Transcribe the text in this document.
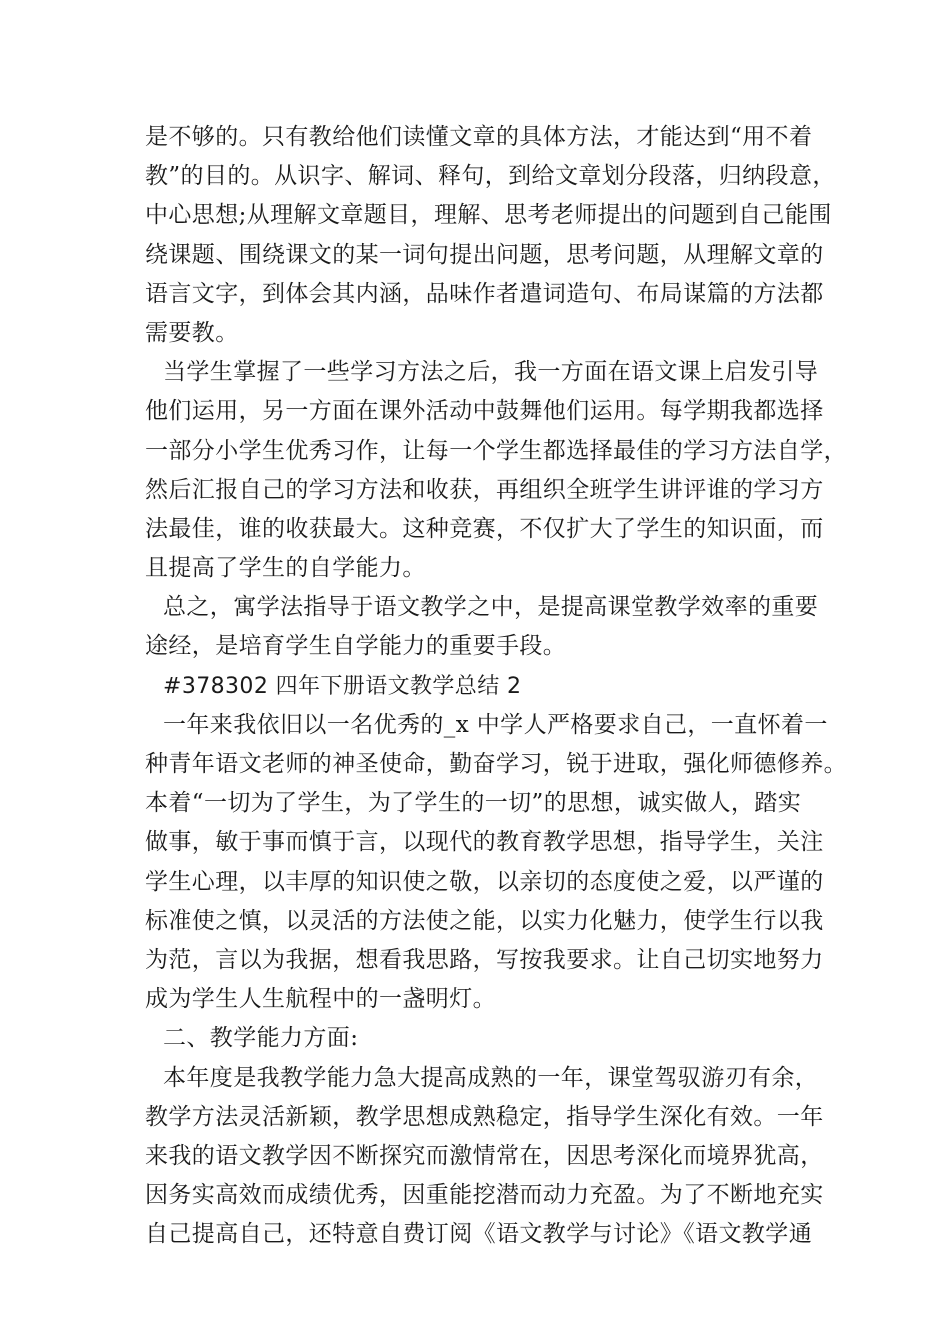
是不够的。只有教给他们读懂文章的具体方法，才能达到“用不着
教”的目的。从识字、解词、释句，到给文章划分段落，归纳段意，
中心思想;从理解文章题目，理解、思考老师提出的问题到自己能围
绕课题、围绕课文的某一词句提出问题，思考问题，从理解文章的
语言文字，到体会其内涵，品味作者遣词造句、布局谋篇的方法都
需要教。
当学生掌握了一些学习方法之后，我一方面在语文课上启发引导
他们运用，另一方面在课外活动中鼓舞他们运用。每学期我都选择
一部分小学生优秀习作，让每一个学生都选择最佳的学习方法自学，
然后汇报自己的学习方法和收获，再组织全班学生讲评谁的学习方
法最佳，谁的收获最大。这种竞赛，不仅扩大了学生的知识面，而
且提高了学生的自学能力。
总之，寓学法指导于语文教学之中，是提高课堂教学效率的重要
途经，是培育学生自学能力的重要手段。
#378302 四年下册语文教学总结 2
一年来我依旧以一名优秀的_x 中学人严格要求自己，一直怀着一
种青年语文老师的神圣使命，勤奋学习，锐于进取，强化师德修养。
本着“一切为了学生，为了学生的一切”的思想，诚实做人，踏实
做事，敏于事而慎于言，以现代的教育教学思想，指导学生，关注
学生心理，以丰厚的知识使之敬，以亲切的态度使之爱，以严谨的
标准使之慎，以灵活的方法使之能，以实力化魅力，使学生行以我
为范，言以为我据，想看我思路，写按我要求。让自己切实地努力
成为学生人生航程中的一盏明灯。
二、教学能力方面:
本年度是我教学能力急大提高成熟的一年，课堂驾驭游刃有余，
教学方法灵活新颖，教学思想成熟稳定，指导学生深化有效。一年
来我的语文教学因不断探究而激情常在，因思考深化而境界犹高，
因务实高效而成绩优秀，因重能挖潜而动力充盈。为了不断地充实
自己提高自己，还特意自费订阅《语文教学与讨论》《语文教学通
